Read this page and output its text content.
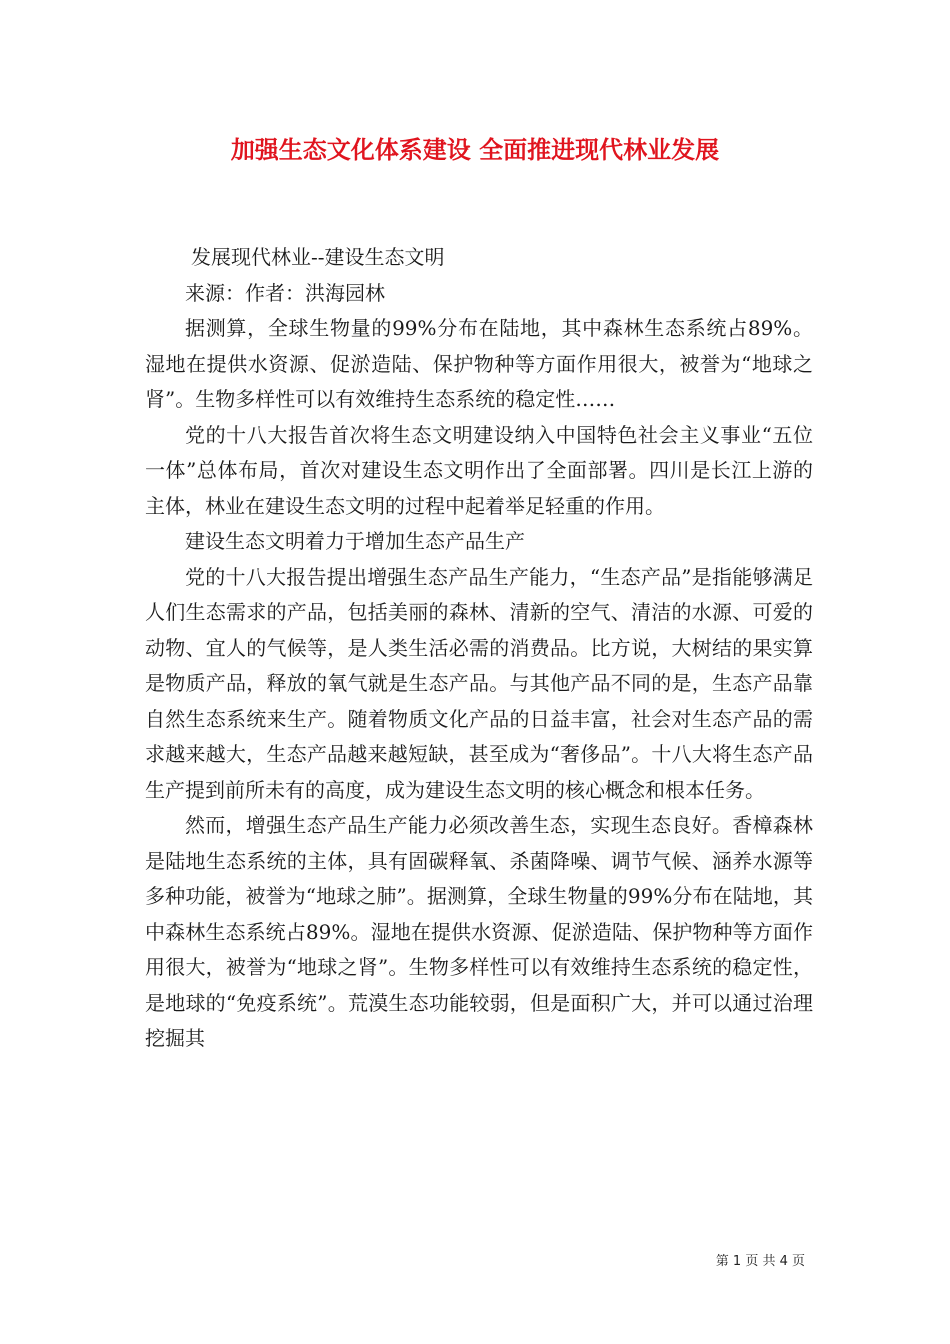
加强生态文化体系建设 全面推进现代林业发展

发展现代林业--建设生态文明

来源：作者：洪海园林

据测算，全球生物量的99%分布在陆地，其中森林生态系统占89%。湿地在提供水资源、促淤造陆、保护物种等方面作用很大，被誉为“地球之肾”。生物多样性可以有效维持生态系统的稳定性……

党的十八大报告首次将生态文明建设纳入中国特色社会主义事业“五位一体”总体布局，首次对建设生态文明作出了全面部署。四川是长江上游的主体，林业在建设生态文明的过程中起着举足轻重的作用。

建设生态文明着力于增加生态产品生产

党的十八大报告提出增强生态产品生产能力，“生态产品”是指能够满足人们生态需求的产品，包括美丽的森林、清新的空气、清洁的水源、可爱的动物、宜人的气候等，是人类生活必需的消费品。比方说，大树结的果实算是物质产品，释放的氧气就是生态产品。与其他产品不同的是，生态产品靠自然生态系统来生产。随着物质文化产品的日益丰富，社会对生态产品的需求越来越大，生态产品越来越短缺，甚至成为“奢侈品”。十八大将生态产品生产提到前所未有的高度，成为建设生态文明的核心概念和根本任务。

然而，增强生态产品生产能力必须改善生态，实现生态良好。香樟森林是陆地生态系统的主体，具有固碳释氧、杀菌降噪、调节气候、涵养水源等多种功能，被誉为“地球之肺”。据测算，全球生物量的99%分布在陆地，其中森林生态系统占89%。湿地在提供水资源、促淤造陆、保护物种等方面作用很大，被誉为“地球之肾”。生物多样性可以有效维持生态系统的稳定性，是地球的“免疫系统”。荒漠生态功能较弱，但是面积广大，并可以通过治理挖掘其

第 1 页 共 4 页
